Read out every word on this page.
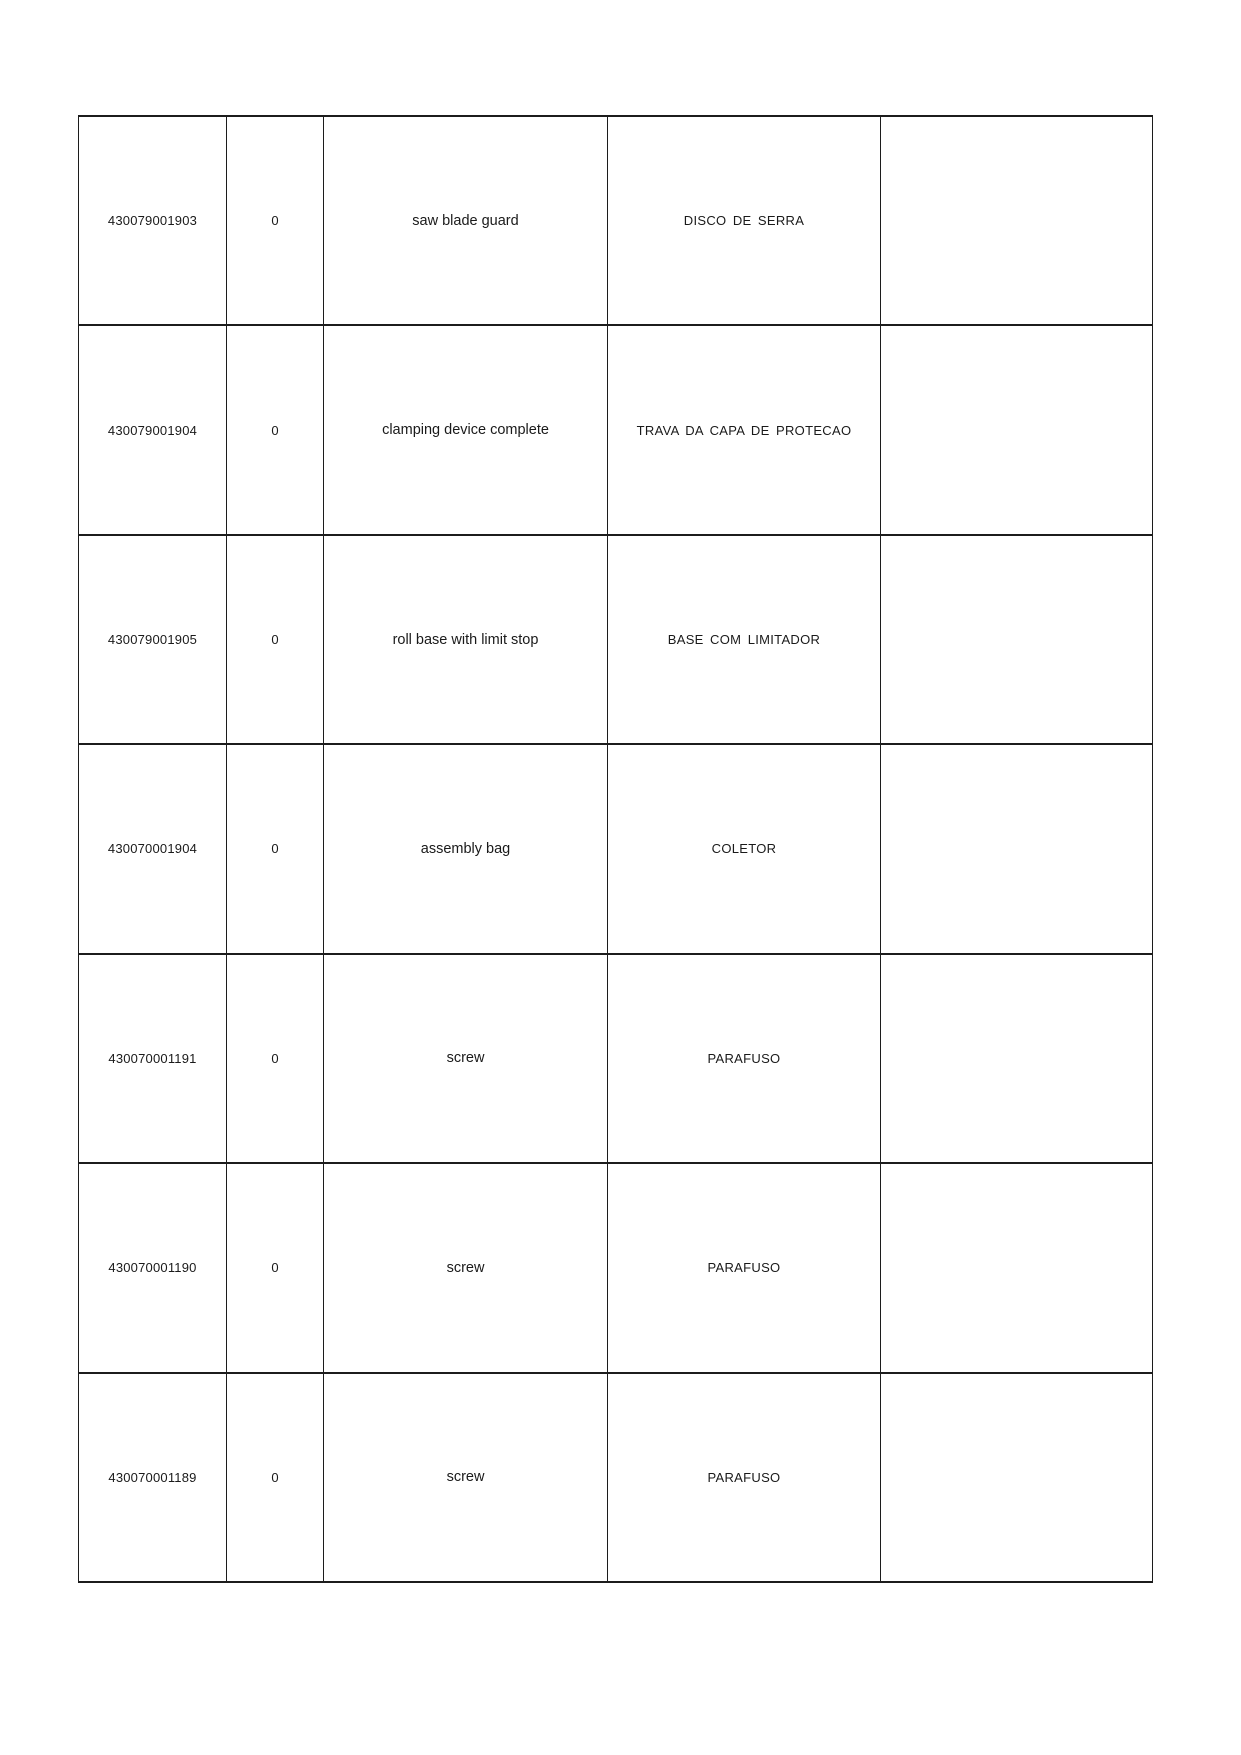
430079001903	0	saw blade guard	DISCO DE SERRA	
430079001904	0	clamping device complete	TRAVA DA CAPA DE PROTECAO	
430079001905	0	roll base with limit stop	BASE COM LIMITADOR	
430070001904	0	assembly bag	COLETOR	
430070001191	0	screw	PARAFUSO	
430070001190	0	screw	PARAFUSO	
430070001189	0	screw	PARAFUSO	
